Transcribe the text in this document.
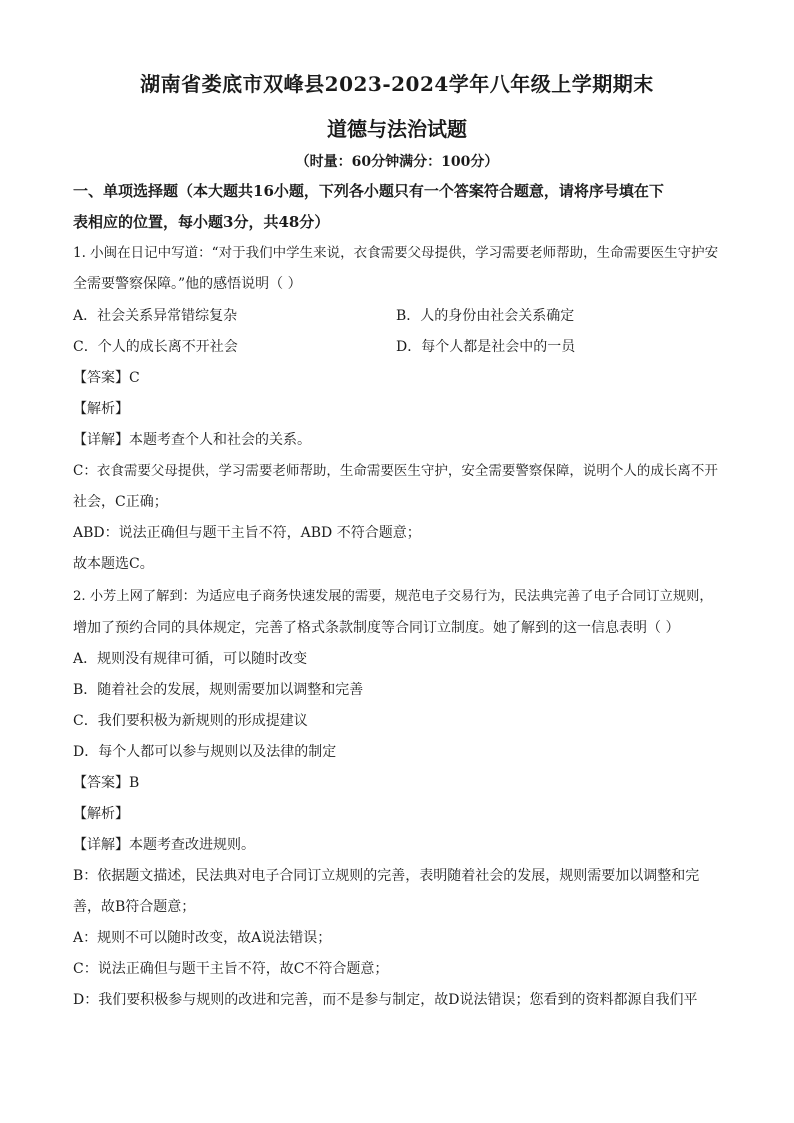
湖南省娄底市双峰县2023-2024学年八年级上学期期末
道德与法治试题
（时量：60分钟满分：100分）
一、单项选择题（本大题共16小题，下列各小题只有一个答案符合题意，请将序号填在下
表相应的位置，每小题3分，共48分）
1. 小闽在日记中写道：“对于我们中学生来说，衣食需要父母提供，学习需要老师帮助，生命需要医生守护安
全需要警察保障。”他的感悟说明（ ）
A．社会关系异常错综复杂	B．人的身份由社会关系确定
C．个人的成长离不开社会	D．每个人都是社会中的一员
【答案】C
【解析】
【详解】本题考查个人和社会的关系。
C：衣食需要父母提供，学习需要老师帮助，生命需要医生守护，安全需要警察保障，说明个人的成长离不开
社会，C正确；
ABD：说法正确但与题干主旨不符，ABD 不符合题意；
故本题选C。
2. 小芳上网了解到：为适应电子商务快速发展的需要，规范电子交易行为，民法典完善了电子合同订立规则，
增加了预约合同的具体规定，完善了格式条款制度等合同订立制度。她了解到的这一信息表明（ ）
A．规则没有规律可循，可以随时改变
B．随着社会的发展，规则需要加以调整和完善
C．我们要积极为新规则的形成提建议
D．每个人都可以参与规则以及法律的制定
【答案】B
【解析】
【详解】本题考查改进规则。
B：依据题文描述，民法典对电子合同订立规则的完善，表明随着社会的发展，规则需要加以调整和完
善，故B符合题意；
A：规则不可以随时改变，故A说法错误；
C：说法正确但与题干主旨不符，故C不符合题意；
D：我们要积极参与规则的改进和完善，而不是参与制定，故D说法错误；您看到的资料都源自我们平
